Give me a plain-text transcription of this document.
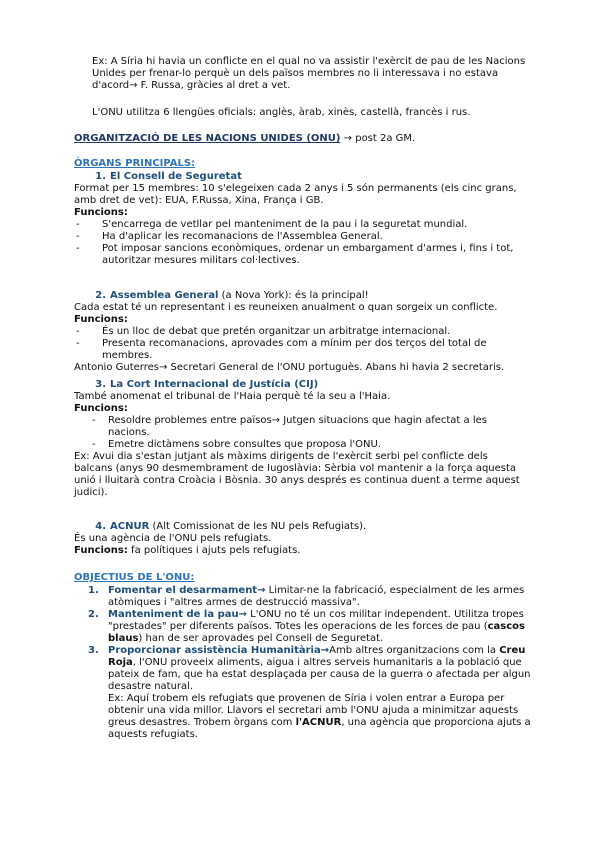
Ex: A Síria hi havia un conflicte en el qual no va assistir l'exèrcit de pau de les Nacions
Unides per frenar-lo perquè un dels països membres no li interessava i no estava
d'acord→ F. Russa, gràcies al dret a vet.
L'ONU utilitza 6 llengües oficials: anglès, àrab, xinès, castellà, francès i rus.
ORGANITZACIÓ DE LES NACIONS UNIDES (ONU) → post 2a GM.
ÒRGANS PRINCIPALS:
1. El Consell de Seguretat
Format per 15 membres: 10 s'elegeixen cada 2 anys i 5 són permanents (els cinc grans,
amb dret de vet): EUA, F.Russa, Xina, França i GB.
Funcions:
- S'encarrega de vetllar pel manteniment de la pau i la seguretat mundial.
- Ha d'aplicar les recomanacions de l'Assemblea General.
- Pot imposar sancions econòmiques, ordenar un embargament d'armes i, fins i tot,
autoritzar mesures militars col·lectives.
2. Assemblea General (a Nova York): és la principal!
Cada estat té un representant i es reuneixen anualment o quan sorgeix un conflicte.
Funcions:
- És un lloc de debat que pretén organitzar un arbitratge internacional.
- Presenta recomanacions, aprovades com a mínim per dos terços del total de membres.
Antonio Guterres→ Secretari General de l'ONU portuguès. Abans hi havia 2 secretaris.
3. La Cort Internacional de Justícia (CIJ)
També anomenat el tribunal de l'Haia perquè té la seu a l'Haia.
Funcions:
- Resoldre problemes entre països→ Jutgen situacions que hagin afectat a les
nacions.
- Emetre dictàmens sobre consultes que proposa l'ONU.
Ex: Avui dia s'estan jutjant als màxims dirigents de l'exèrcit serbi pel conflicte dels
balcans (anys 90 desmembrament de Iugoslàvia: Sèrbia vol mantenir a la força aquesta
unió i lluitarà contra Croàcia i Bòsnia. 30 anys després es continua duent a terme aquest
judici).
4. ACNUR (Alt Comissionat de les NU pels Refugiats).
És una agència de l'ONU pels refugiats.
Funcions: fa polítiques i ajuts pels refugiats.
OBJECTIUS DE L'ONU:
1. Fomentar el desarmament→ Limitar-ne la fabricació, especialment de les armes
atòmiques i "altres armes de destrucció massiva".
2. Manteniment de la pau→ L'ONU no té un cos militar independent. Utilitza tropes
"prestades" per diferents països. Totes les operacions de les forces de pau (cascos
blaus) han de ser aprovades pel Consell de Seguretat.
3. Proporcionar assistència Humanitària→Amb altres organitzacions com la Creu
Roja, l'ONU proveeix aliments, aigua i altres serveis humanitaris a la població que
pateix de fam, que ha estat desplaçada per causa de la guerra o afectada per algun
desastre natural.
Ex: Aquí trobem els refugiats que provenen de Síria i volen entrar a Europa per
obtenir una vida millor. Llavors el secretari amb l'ONU ajuda a minimitzar aquests
greus desastres. Trobem òrgans com l'ACNUR, una agència que proporciona ajuts a
aquests refugiats.
